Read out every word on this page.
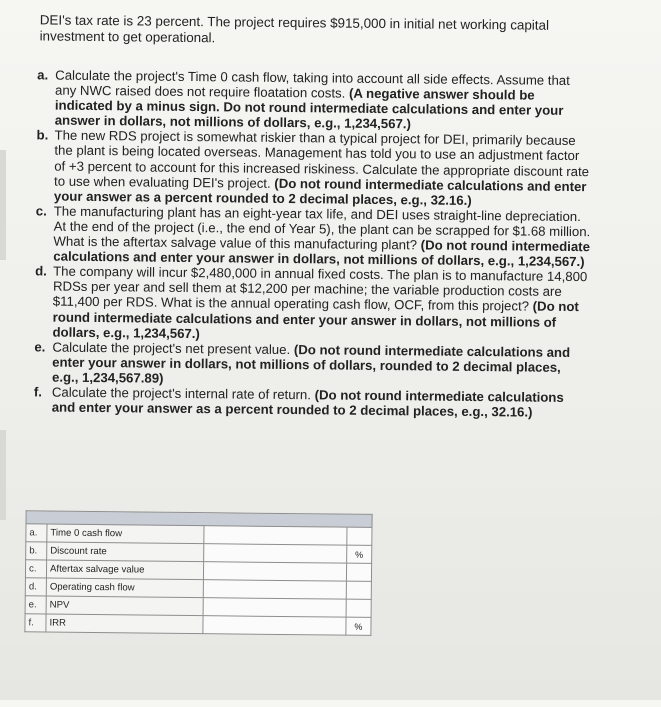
DEI's tax rate is 23 percent. The project requires $915,000 in initial net working capital
investment to get operational.
a. Calculate the project's Time 0 cash flow, taking into account all side effects. Assume that any NWC raised does not require floatation costs. (A negative answer should be indicated by a minus sign. Do not round intermediate calculations and enter your answer in dollars, not millions of dollars, e.g., 1,234,567.)
b. The new RDS project is somewhat riskier than a typical project for DEI, primarily because the plant is being located overseas. Management has told you to use an adjustment factor of +3 percent to account for this increased riskiness. Calculate the appropriate discount rate to use when evaluating DEI's project. (Do not round intermediate calculations and enter your answer as a percent rounded to 2 decimal places, e.g., 32.16.)
c. The manufacturing plant has an eight-year tax life, and DEI uses straight-line depreciation. At the end of the project (i.e., the end of Year 5), the plant can be scrapped for $1.68 million. What is the aftertax salvage value of this manufacturing plant? (Do not round intermediate calculations and enter your answer in dollars, not millions of dollars, e.g., 1,234,567.)
d. The company will incur $2,480,000 in annual fixed costs. The plan is to manufacture 14,800 RDSs per year and sell them at $12,200 per machine; the variable production costs are $11,400 per RDS. What is the annual operating cash flow, OCF, from this project? (Do not round intermediate calculations and enter your answer in dollars, not millions of dollars, e.g., 1,234,567.)
e. Calculate the project's net present value. (Do not round intermediate calculations and enter your answer in dollars, not millions of dollars, rounded to 2 decimal places, e.g., 1,234,567.89)
f. Calculate the project's internal rate of return. (Do not round intermediate calculations and enter your answer as a percent rounded to 2 decimal places, e.g., 32.16.)

a.	Time 0 cash flow		
b.	Discount rate		%
c.	Aftertax salvage value		
d.	Operating cash flow		
e.	NPV		
f.	IRR		%
